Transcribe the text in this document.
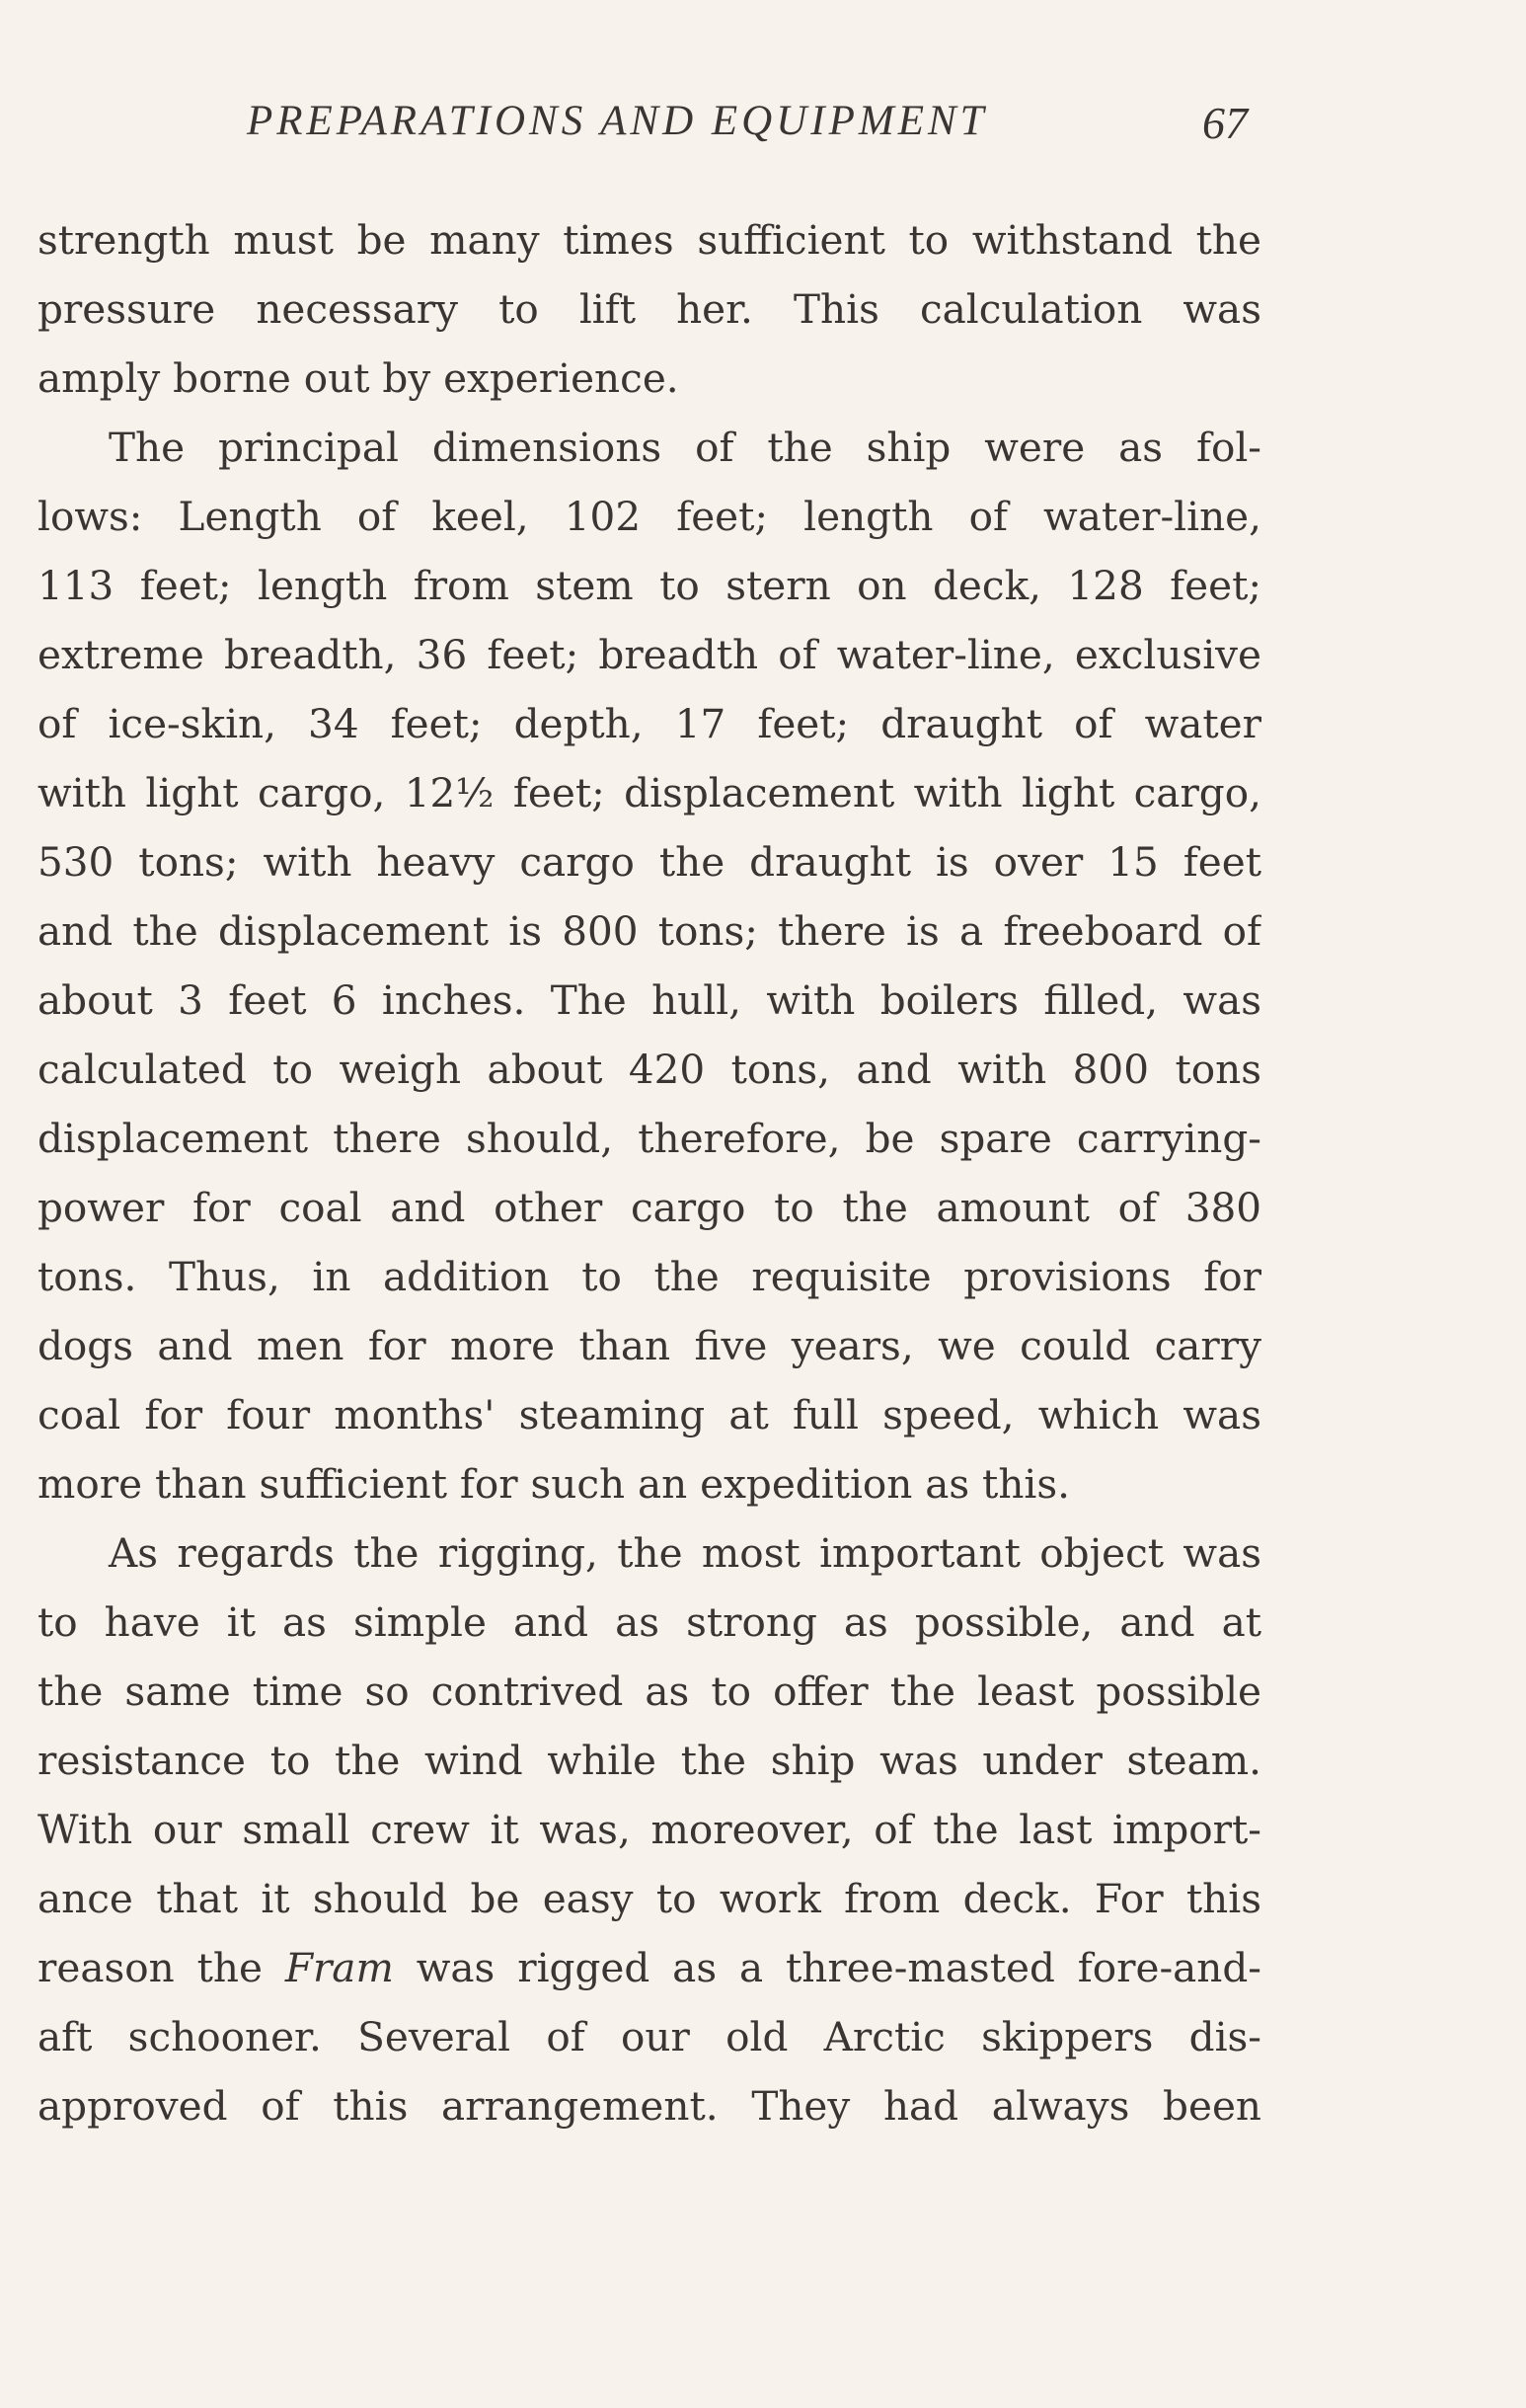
PREPARATIONS AND EQUIPMENT	67
strength must be many times sufficient to withstand the
pressure necessary to lift her. This calculation was
amply borne out by experience.
The principal dimensions of the ship were as fol-
lows: Length of keel, 102 feet; length of water-line,
113 feet; length from stem to stern on deck, 128 feet;
extreme breadth, 36 feet; breadth of water-line, exclusive
of ice-skin, 34 feet; depth, 17 feet; draught of water
with light cargo, 12½ feet; displacement with light cargo,
530 tons; with heavy cargo the draught is over 15 feet
and the displacement is 800 tons; there is a freeboard of
about 3 feet 6 inches. The hull, with boilers filled, was
calculated to weigh about 420 tons, and with 800 tons
displacement there should, therefore, be spare carrying-
power for coal and other cargo to the amount of 380
tons. Thus, in addition to the requisite provisions for
dogs and men for more than five years, we could carry
coal for four months' steaming at full speed, which was
more than sufficient for such an expedition as this.
As regards the rigging, the most important object was
to have it as simple and as strong as possible, and at
the same time so contrived as to offer the least possible
resistance to the wind while the ship was under steam.
With our small crew it was, moreover, of the last import-
ance that it should be easy to work from deck. For this
reason the Fram was rigged as a three-masted fore-and-
aft schooner. Several of our old Arctic skippers dis-
approved of this arrangement. They had always been
